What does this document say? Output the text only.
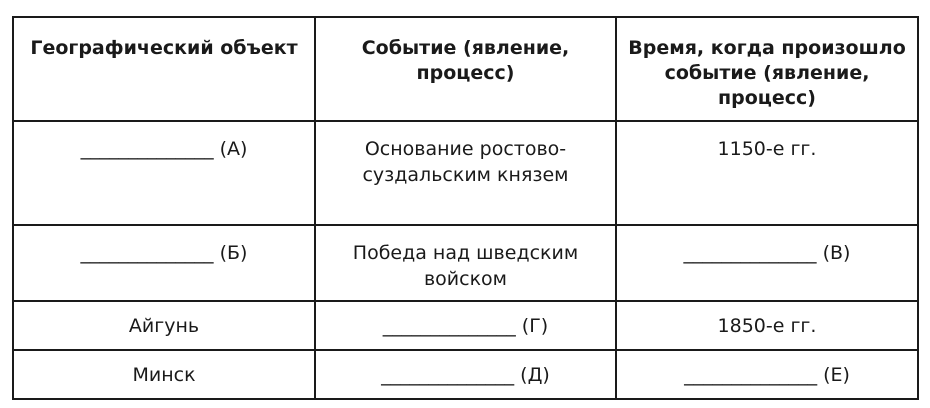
Географический объект	Событие (явление, процесс)	Время, когда произошло событие (явление, процесс)
______________ (А)	Основание ростово-суздальским князем	1150-е гг.
______________ (Б)	Победа над шведским войском	______________ (В)
Айгунь	______________ (Г)	1850-е гг.
Минск	______________ (Д)	______________ (Е)
